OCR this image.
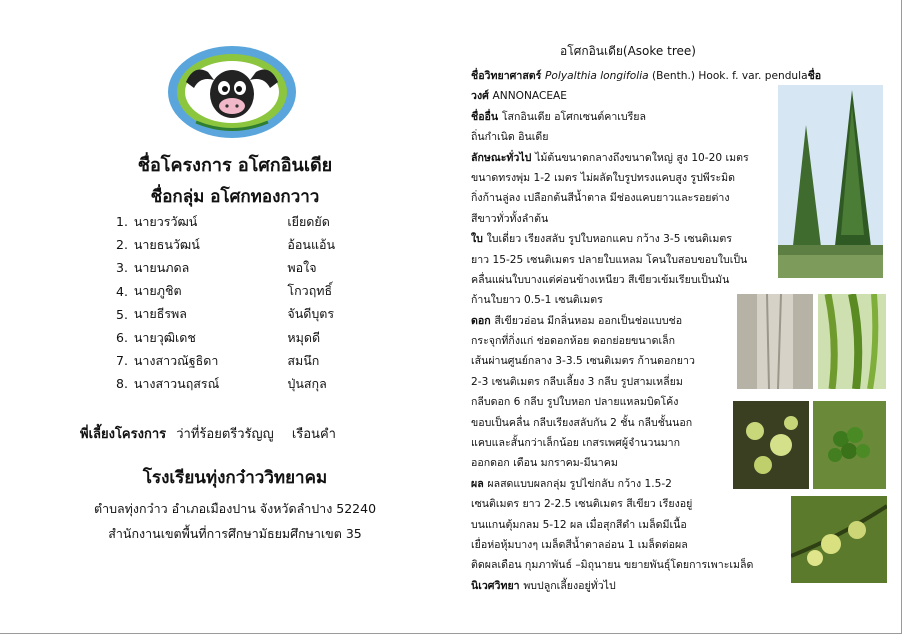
ชื่อโครงการ อโศกอินเดีย
ชื่อกลุ่ม อโศกทองกวาว
1. นายวรวัฒน์	เยียดยัด
2. นายธนวัฒน์	อ้อนแอ้น
3. นายนภดล	พอใจ
4. นายภูชิต	โกวฤทธิ์
5. นายธีรพล	จันดีบุตร
6. นายวุฒิเดช	หมุดดี
7. นางสาวณัฐธิดา	สมนึก
8. นางสาวนฤสรณ์	ปุ่นสกุล
พี่เลี้ยงโครงการ ว่าที่ร้อยตรีวรัญญู เรือนคำ
โรงเรียนทุ่งกว๋าววิทยาคม
ตำบลทุ่งกว๋าว อำเภอเมืองปาน จังหวัดลำปาง 52240
สำนักงานเขตพื้นที่การศึกษามัธยมศึกษาเขต 35
อโศกอินเดีย(Asoke tree)
ชื่อวิทยาศาสตร์ Polyalthia longifolia (Benth.) Hook. f. var. pendulaชื่อ
วงศ์ ANNONACEAE
ชื่ออื่น โสกอินเดีย อโศกเซนต์คาเบรียล
ถิ่นกำเนิด อินเดีย
ลักษณะทั่วไป ไม้ต้นขนาดกลางถึงขนาดใหญ่ สูง 10-20 เมตร
ขนาดทรงพุ่ม 1-2 เมตร ไม่ผลัดใบรูปทรงแคบสูง รูปพีระมิด
กิ่งก้านลู่ลง เปลือกต้นสีน้ำตาล มีช่องแคบยาวและรอยต่าง
สีขาวทั่วทั้งลำต้น
ใบ ใบเดี่ยว เรียงสลับ รูปใบหอกแคบ กว้าง 3-5 เซนติเมตร
ยาว 15-25 เซนติเมตร ปลายใบแหลม โคนใบสอบขอบใบเป็น
คลื่นแผ่นใบบางแต่ค่อนข้างเหนียว สีเขียวเข้มเรียบเป็นมัน
ก้านใบยาว 0.5-1 เซนติเมตร
ดอก สีเขียวอ่อน มีกลิ่นหอม ออกเป็นช่อแบบช่อ
กระจุกที่กิ่งแก่ ช่อดอกห้อย ดอกย่อยขนาดเล็ก
เส้นผ่านศูนย์กลาง 3-3.5 เซนติเมตร ก้านดอกยาว
2-3 เซนติเมตร กลีบเลี้ยง 3 กลีบ รูปสามเหลี่ยม
กลีบดอก 6 กลีบ รูปใบหอก ปลายแหลมบิดโค้ง
ขอบเป็นคลื่น กลีบเรียงสลับกัน 2 ชั้น กลีบชั้นนอก
แคบและสั้นกว่าเล็กน้อย เกสรเพศผู้จำนวนมาก
ออกดอก เดือน มกราคม-มีนาคม
ผล ผลสดแบบผลกลุ่ม รูปไข่กลับ กว้าง 1.5-2
เซนติเมตร ยาว 2-2.5 เซนติเมตร สีเขียว เรียงอยู่
บนแกนตุ้มกลม 5-12 ผล เมื่อสุกสีดำ เมล็ดมีเนื้อ
เยื่อห่อหุ้มบางๆ เมล็ดสีน้ำตาลอ่อน 1 เมล็ดต่อผล
ติดผลเดือน กุมภาพันธ์ –มิถุนายน ขยายพันธุ์โดยการเพาะเมล็ด
นิเวศวิทยา พบปลูกเลี้ยงอยู่ทั่วไป
